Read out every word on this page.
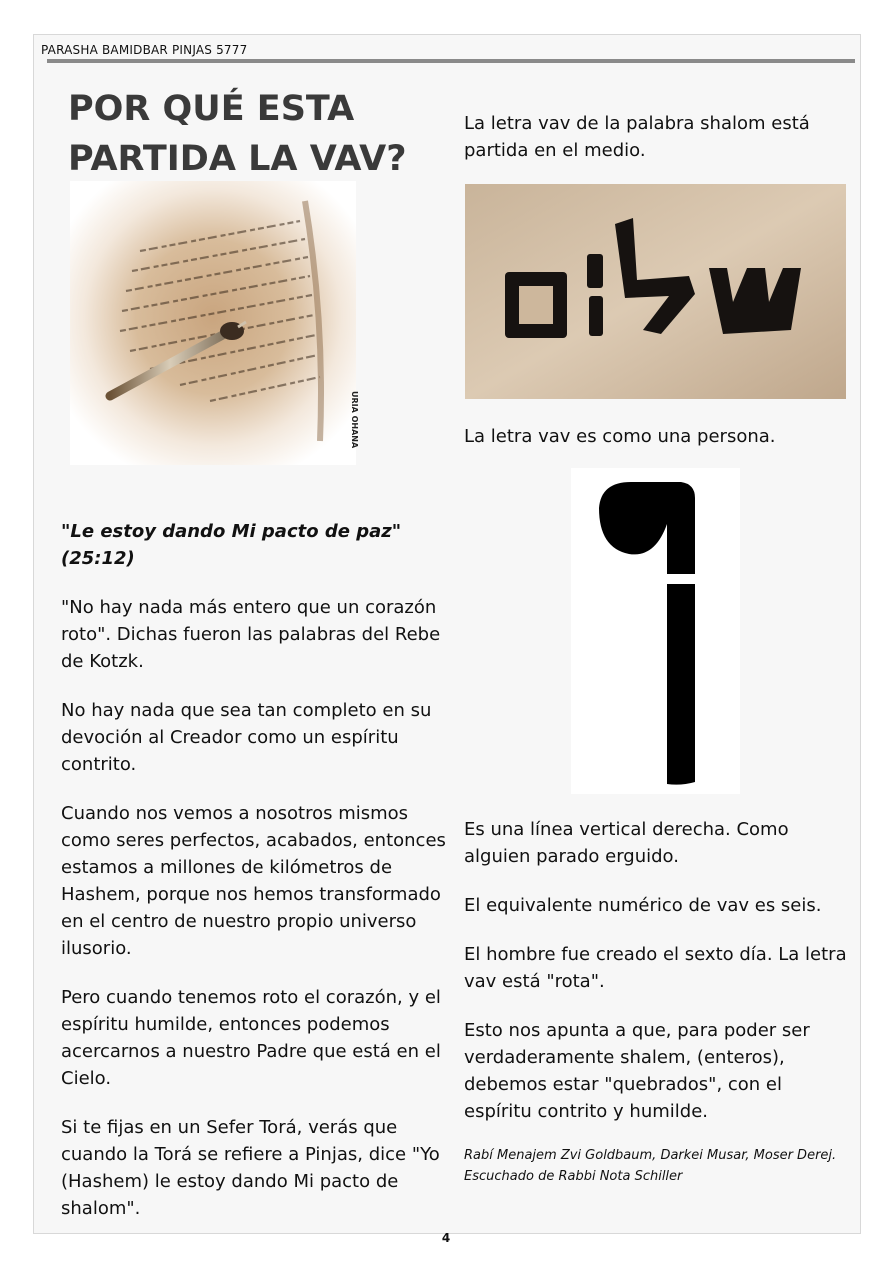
PARASHA BAMIDBAR PINJAS 5777
POR QUÉ ESTA
PARTIDA LA VAV?
URIA OHANA
"Le estoy dando Mi pacto de paz" (25:12)

"No hay nada más entero que un corazón roto". Dichas fueron las palabras del Rebe de Kotzk.

No hay nada que sea tan completo en su devoción al Creador como un espíritu contrito.

Cuando nos vemos a nosotros mismos como seres perfectos, acabados, entonces estamos a millones de kilómetros de Hashem, porque nos hemos transformado en el centro de nuestro propio universo ilusorio.

Pero cuando tenemos roto el corazón, y el espíritu humilde, entonces podemos acercarnos a nuestro Padre que está en el Cielo.

Si te fijas en un Sefer Torá, verás que cuando la Torá se refiere a Pinjas, dice "Yo (Hashem) le estoy dando Mi pacto de shalom".

La letra vav de la palabra shalom está partida en el medio.

La letra vav es como una persona.

Es una línea vertical derecha. Como alguien parado erguido.

El equivalente numérico de vav es seis.

El hombre fue creado el sexto día. La letra vav está "rota".

Esto nos apunta a que, para poder ser verdaderamente shalem, (enteros), debemos estar "quebrados", con el espíritu contrito y humilde.

Rabí Menajem Zvi Goldbaum, Darkei Musar, Moser Derej.
Escuchado de Rabbi Nota Schiller
4
